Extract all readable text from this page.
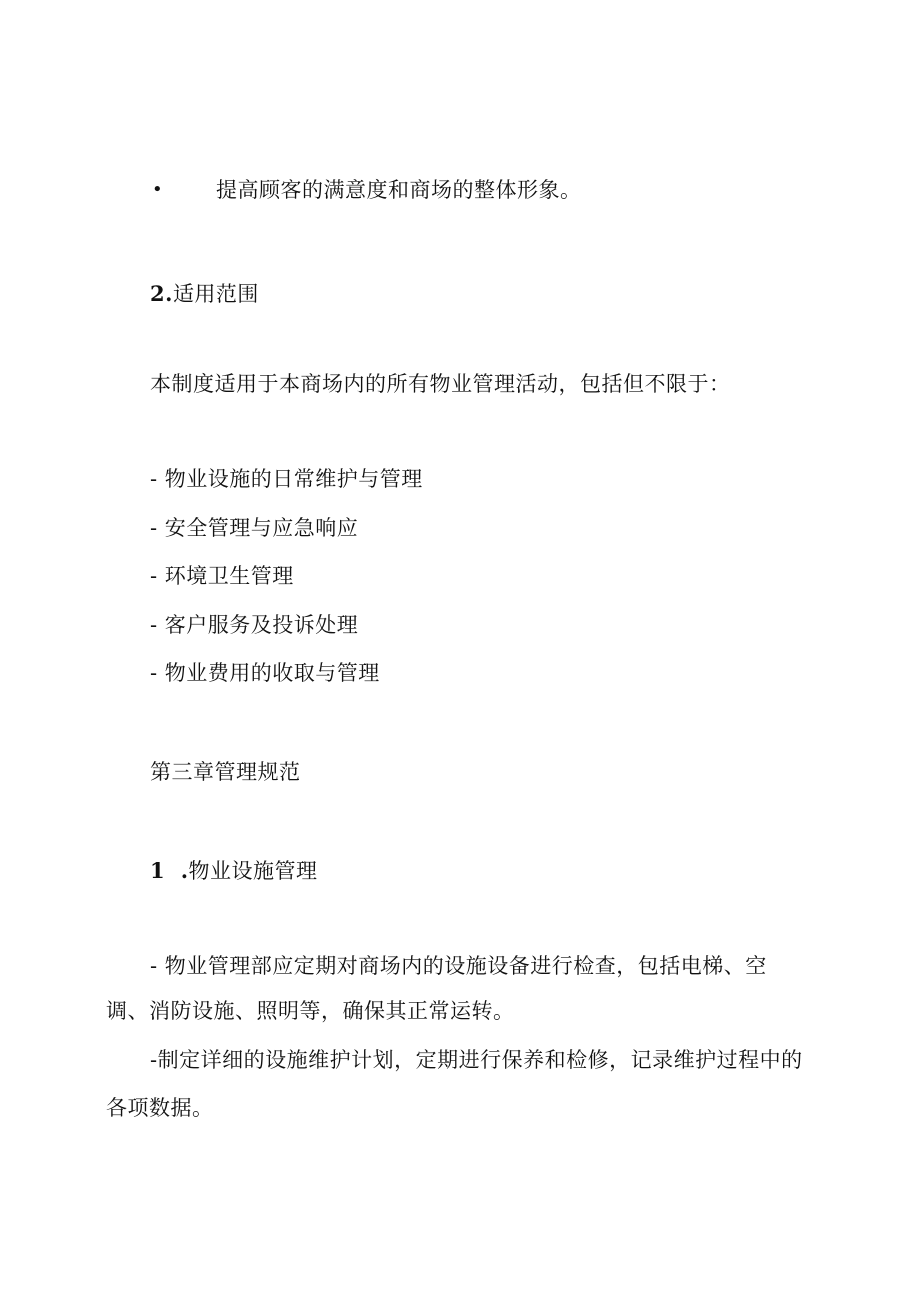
•	提高顾客的满意度和商场的整体形象。
2.适用范围
本制度适用于本商场内的所有物业管理活动，包括但不限于：
- 物业设施的日常维护与管理
- 安全管理与应急响应
- 环境卫生管理
- 客户服务及投诉处理
- 物业费用的收取与管理
第三章管理规范
1  .物业设施管理
- 物业管理部应定期对商场内的设施设备进行检查，包括电梯、空
调、消防设施、照明等，确保其正常运转。
-制定详细的设施维护计划，定期进行保养和检修，记录维护过程中的
各项数据。
